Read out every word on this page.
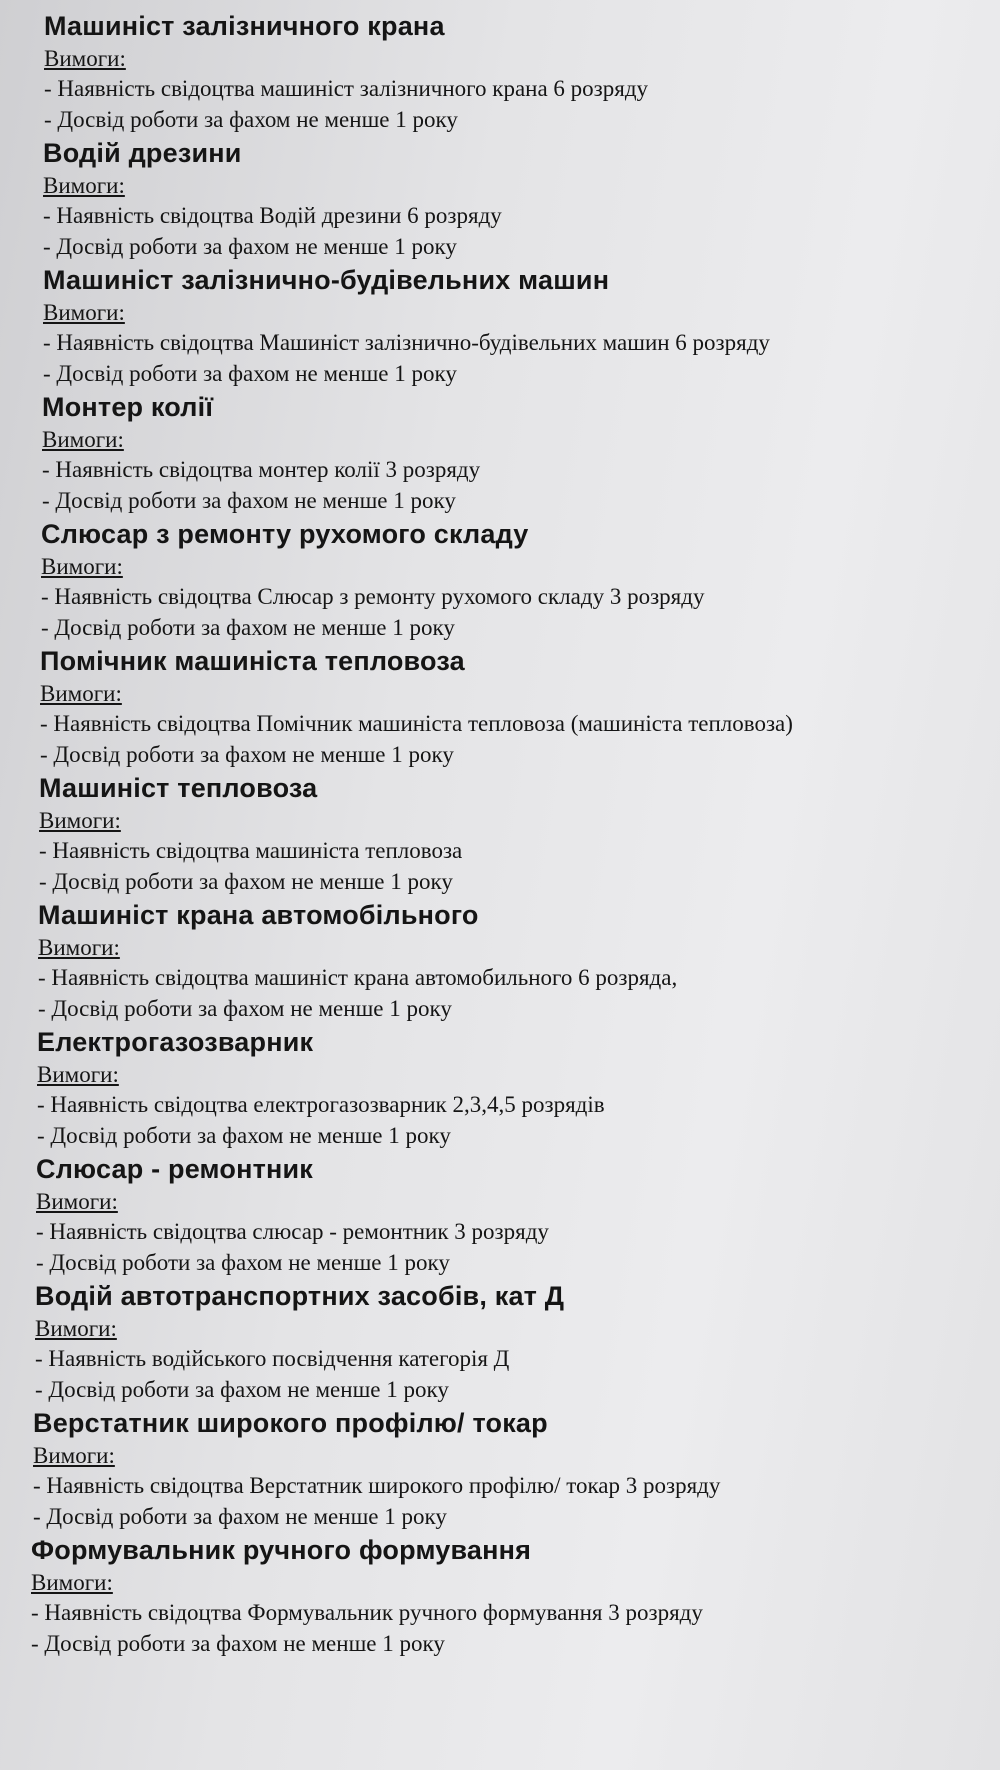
Машиніст залізничного крана
Вимоги:
- Наявність свідоцтва машиніст залізничного крана 6 розряду
- Досвід роботи за фахом не менше 1 року
Водій дрезини
Вимоги:
- Наявність свідоцтва Водій дрезини 6 розряду
- Досвід роботи за фахом не менше 1 року
Машиніст залізнично-будівельних машин
Вимоги:
- Наявність свідоцтва Машиніст залізнично-будівельних машин 6 розряду
- Досвід роботи за фахом не менше 1 року
Монтер колії
Вимоги:
- Наявність свідоцтва монтер колії 3 розряду
- Досвід роботи за фахом не менше 1 року
Слюсар з ремонту рухомого складу
Вимоги:
- Наявність свідоцтва Слюсар з ремонту рухомого складу 3 розряду
- Досвід роботи за фахом не менше 1 року
Помічник машиніста тепловоза
Вимоги:
- Наявність свідоцтва Помічник машиніста тепловоза (машиніста тепловоза)
- Досвід роботи за фахом не менше 1 року
Машиніст тепловоза
Вимоги:
- Наявність свідоцтва машиніста тепловоза
- Досвід роботи за фахом не менше 1 року
Машиніст крана автомобільного
Вимоги:
- Наявність свідоцтва машиніст крана автомобильного 6 розряда,
- Досвід роботи за фахом не менше 1 року
Електрогазозварник
Вимоги:
- Наявність свідоцтва електрогазозварник 2,3,4,5 розрядів
- Досвід роботи за фахом не менше 1 року
Слюсар - ремонтник
Вимоги:
- Наявність свідоцтва слюсар - ремонтник 3 розряду
- Досвід роботи за фахом не менше 1 року
Водій автотранспортних засобів, кат Д
Вимоги:
- Наявність водійського посвідчення категорія Д
- Досвід роботи за фахом не менше 1 року
Верстатник широкого профілю/ токар
Вимоги:
- Наявність свідоцтва Верстатник широкого профілю/ токар 3 розряду
- Досвід роботи за фахом не менше 1 року
Формувальник ручного формування
Вимоги:
- Наявність свідоцтва Формувальник ручного формування 3 розряду
- Досвід роботи за фахом не менше 1 року
